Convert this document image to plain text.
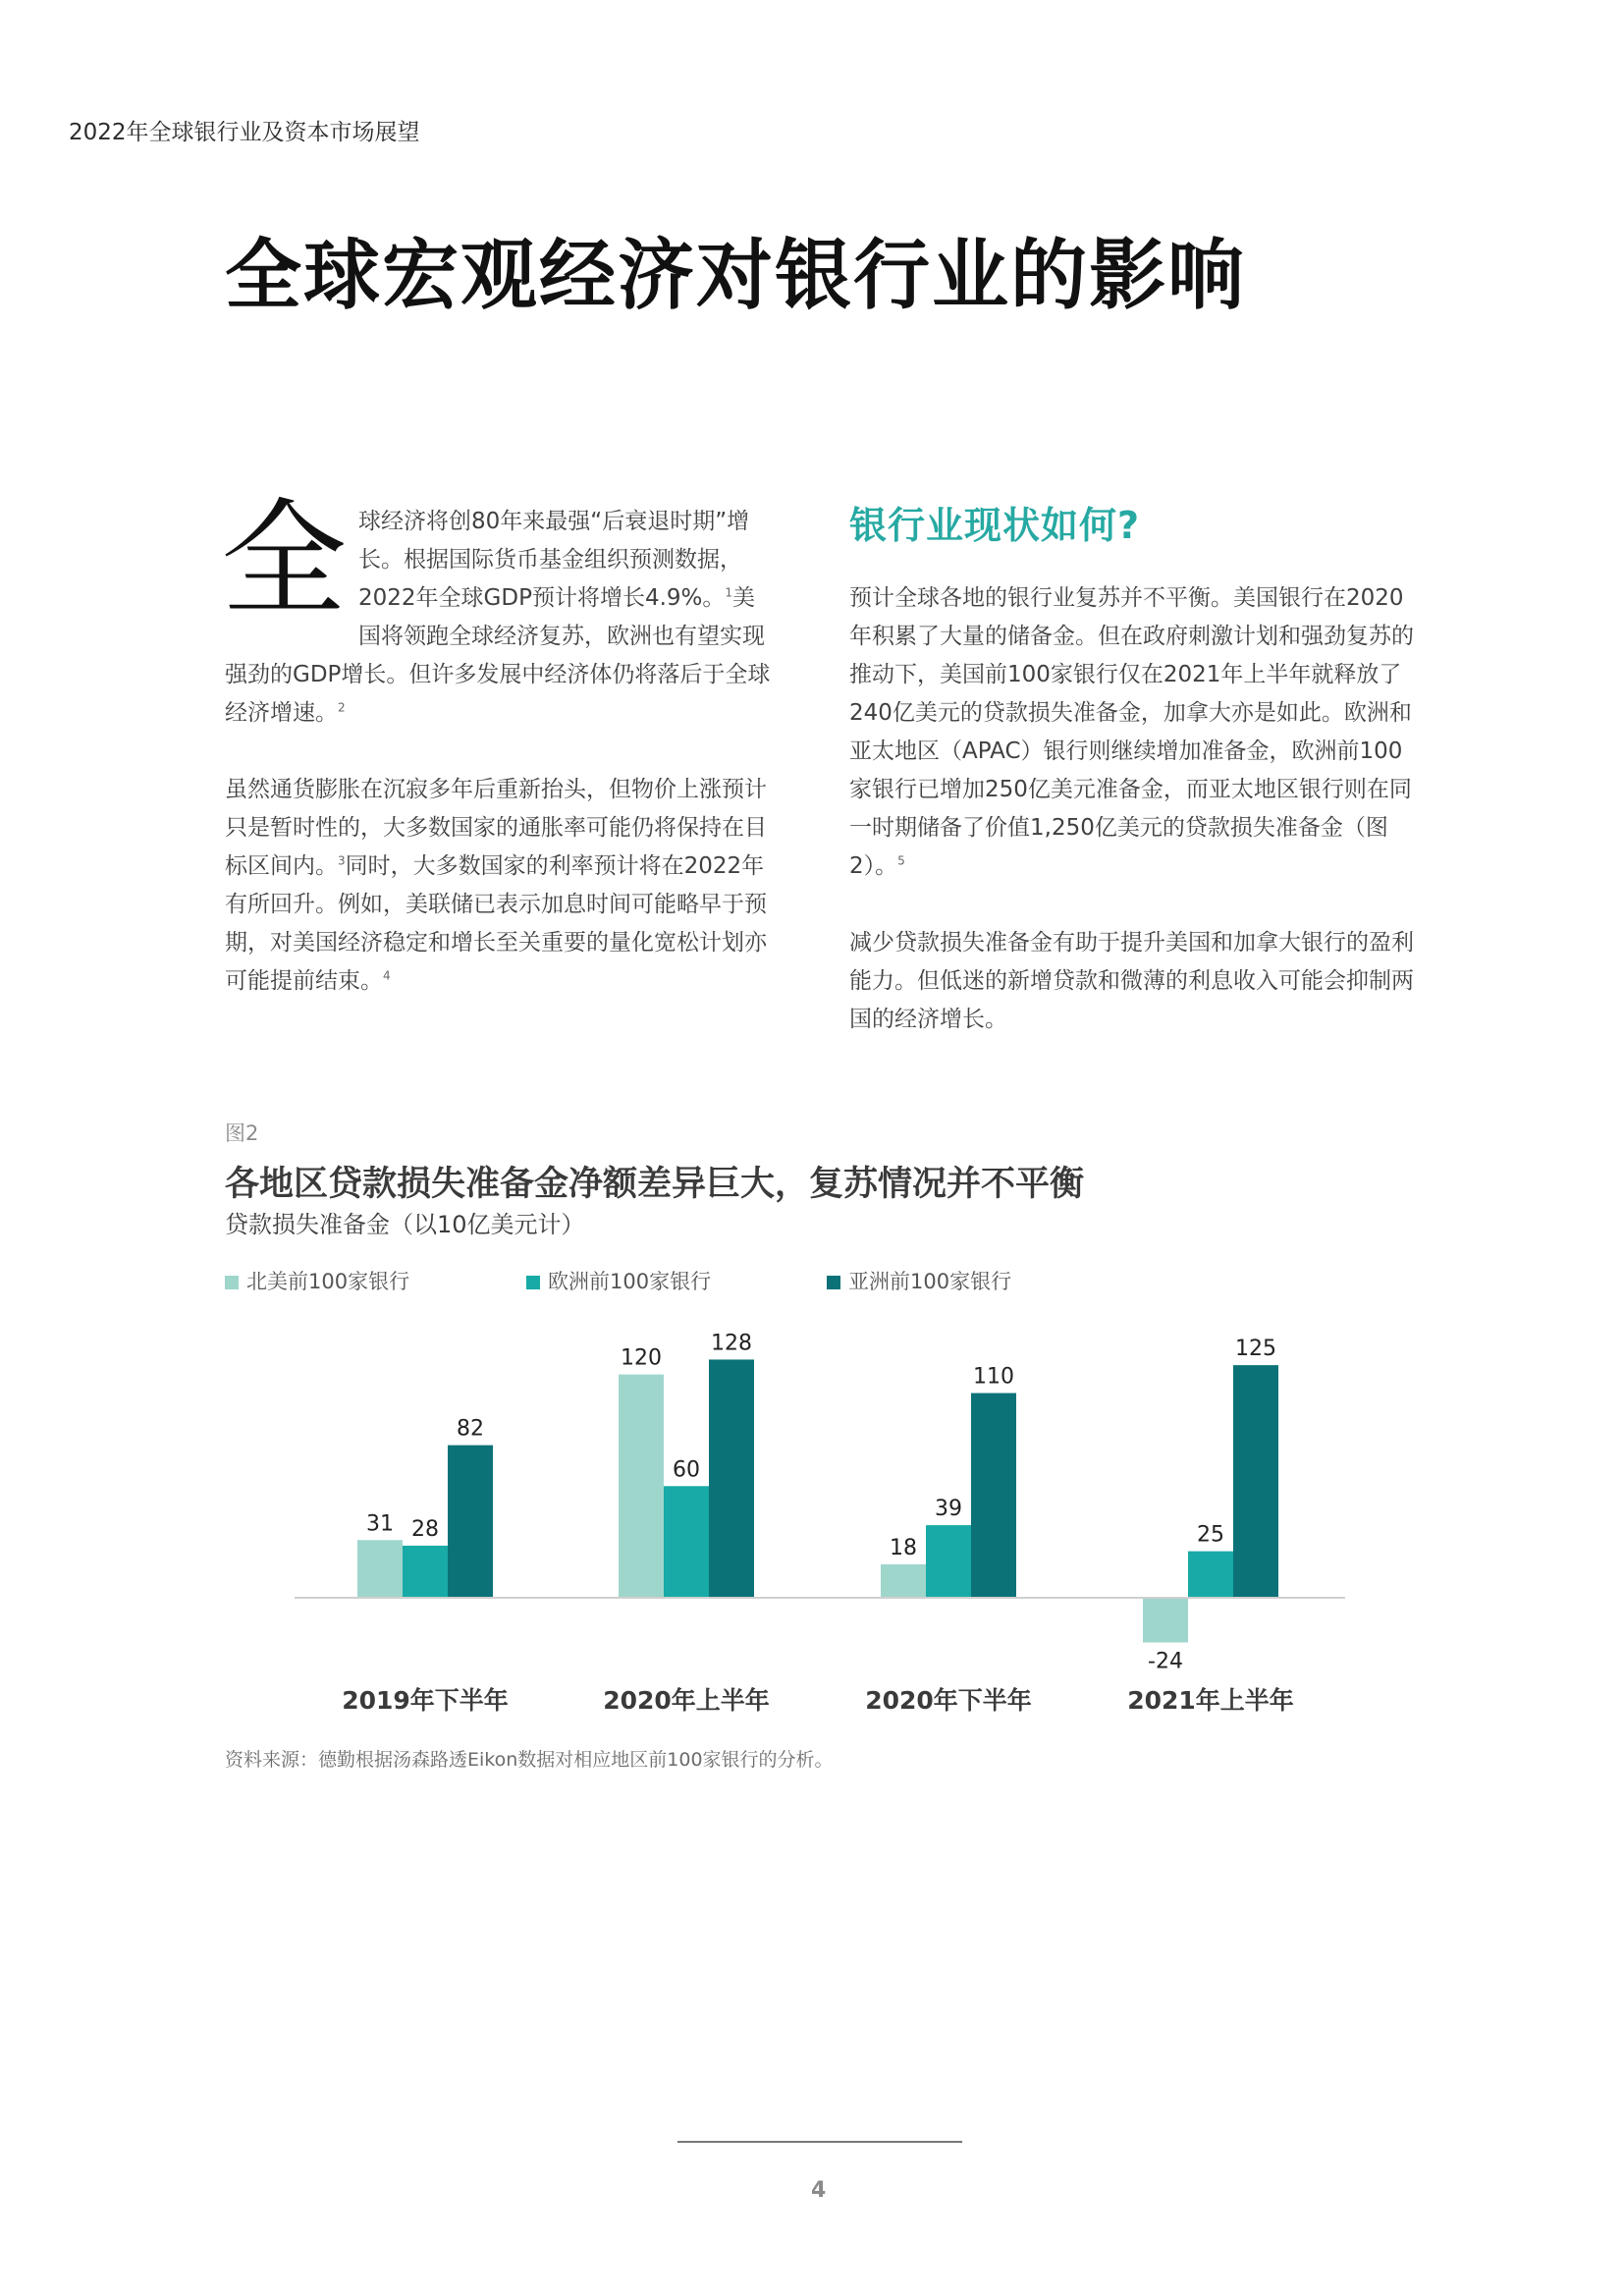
2022年全球银行业及资本市场展望
全球宏观经济对银行业的影响

全球经济将创80年来最强“后衰退时期”增长。根据国际货币基金组织预测数据，2022年全球GDP预计将增长4.9%。$^1$美国将领跑全球经济复苏，欧洲也有望实现强劲的GDP增长。但许多发展中经济体仍将落后于全球经济增速。$^2$

虽然通货膨胀在沉寂多年后重新抬头，但物价上涨预计只是暂时性的，大多数国家的通胀率可能仍将保持在目标区间内。$^3$同时，大多数国家的利率预计将在2022年有所回升。例如，美联储已表示加息时间可能略早于预期，对美国经济稳定和增长至关重要的量化宽松计划亦可能提前结束。$^4$

银行业现状如何?

预计全球各地的银行业复苏并不平衡。美国银行在2020年积累了大量的储备金。但在政府刺激计划和强劲复苏的推动下，美国前100家银行仅在2021年上半年就释放了240亿美元的贷款损失准备金，加拿大亦是如此。欧洲和亚太地区（APAC）银行则继续增加准备金，欧洲前100家银行已增加250亿美元准备金，而亚太地区银行则在同一时期储备了价值1,250亿美元的贷款损失准备金（图2）。$^5$

减少贷款损失准备金有助于提升美国和加拿大银行的盈利能力。但低迷的新增贷款和微薄的利息收入可能会抑制两国的经济增长。

图2
各地区贷款损失准备金净额差异巨大，复苏情况并不平衡
贷款损失准备金（以10亿美元计）
北美前100家银行	欧洲前100家银行	亚洲前100家银行
31
120
18
-24
28
60
39
25
82
128
110
125
2019年下半年	2020年上半年	2020年下半年	2021年上半年
资料来源：德勤根据汤森路透Eikon数据对相应地区前100家银行的分析。
4
